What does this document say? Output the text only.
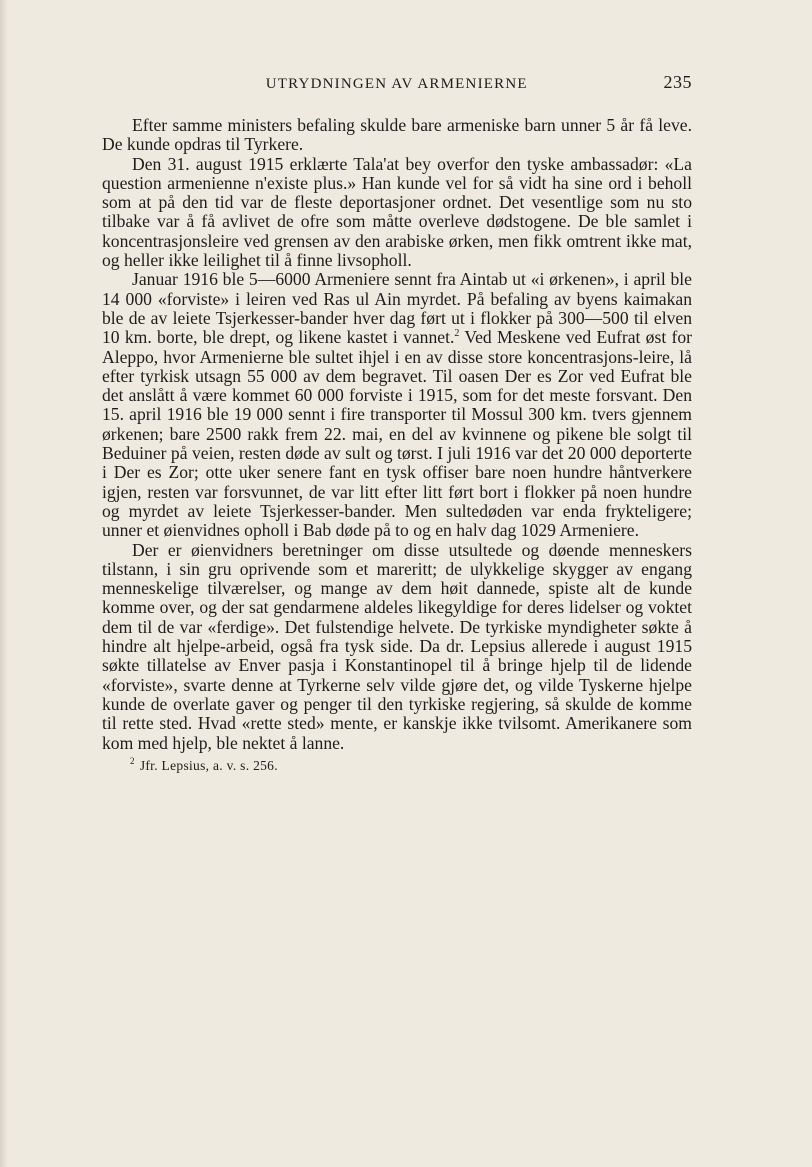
UTRYDNINGEN AV ARMENIERNE	235

Efter samme ministers befaling skulde bare armeniske barn unner 5 år få leve. De kunde opdras til Tyrkere.

Den 31. august 1915 erklærte Tala'at bey overfor den tyske ambassadør: «La question armenienne n'existe plus.» Han kunde vel for så vidt ha sine ord i beholl som at på den tid var de fleste deportasjoner ordnet. Det vesentlige som nu sto tilbake var å få avlivet de ofre som måtte overleve dødstogene. De ble samlet i koncentrasjonsleire ved grensen av den arabiske ørken, men fikk omtrent ikke mat, og heller ikke leilighet til å finne livsopholl.

Januar 1916 ble 5—6000 Armeniere sennt fra Aintab ut «i ørkenen», i april ble 14 000 «forviste» i leiren ved Ras ul Ain myrdet. På befaling av byens kaimakan ble de av leiete Tsjerkesser-bander hver dag ført ut i flokker på 300—500 til elven 10 km. borte, ble drept, og likene kastet i vannet.$^2$ Ved Meskene ved Eufrat øst for Aleppo, hvor Armenierne ble sultet ihjel i en av disse store koncentrasjons-leire, lå efter tyrkisk utsagn 55 000 av dem begravet. Til oasen Der es Zor ved Eufrat ble det anslått å være kommet 60 000 forviste i 1915, som for det meste forsvant. Den 15. april 1916 ble 19 000 sennt i fire transporter til Mossul 300 km. tvers gjennem ørkenen; bare 2500 rakk frem 22. mai, en del av kvinnene og pikene ble solgt til Beduiner på veien, resten døde av sult og tørst. I juli 1916 var det 20 000 deporterte i Der es Zor; otte uker senere fant en tysk offiser bare noen hundre håntverkere igjen, resten var forsvunnet, de var litt efter litt ført bort i flokker på noen hundre og myrdet av leiete Tsjerkesser-bander. Men sultedøden var enda frykteligere; unner et øienvidnes opholl i Bab døde på to og en halv dag 1029 Armeniere.

Der er øienvidners beretninger om disse utsultede og døende menneskers tilstann, i sin gru oprivende som et mareritt; de ulykkelige skygger av engang menneskelige tilværelser, og mange av dem høit dannede, spiste alt de kunde komme over, og der sat gendarmene aldeles likegyldige for deres lidelser og voktet dem til de var «ferdige». Det fulstendige helvete. De tyrkiske myndigheter søkte å hindre alt hjelpe-arbeid, også fra tysk side. Da dr. Lepsius allerede i august 1915 søkte tillatelse av Enver pasja i Konstantinopel til å bringe hjelp til de lidende «forviste», svarte denne at Tyrkerne selv vilde gjøre det, og vilde Tyskerne hjelpe kunde de overlate gaver og penger til den tyrkiske regjering, så skulde de komme til rette sted. Hvad «rette sted» mente, er kanskje ikke tvilsomt. Amerikanere som kom med hjelp, ble nektet å lanne.

$^2$ Jfr. Lepsius, a. v. s. 256.
